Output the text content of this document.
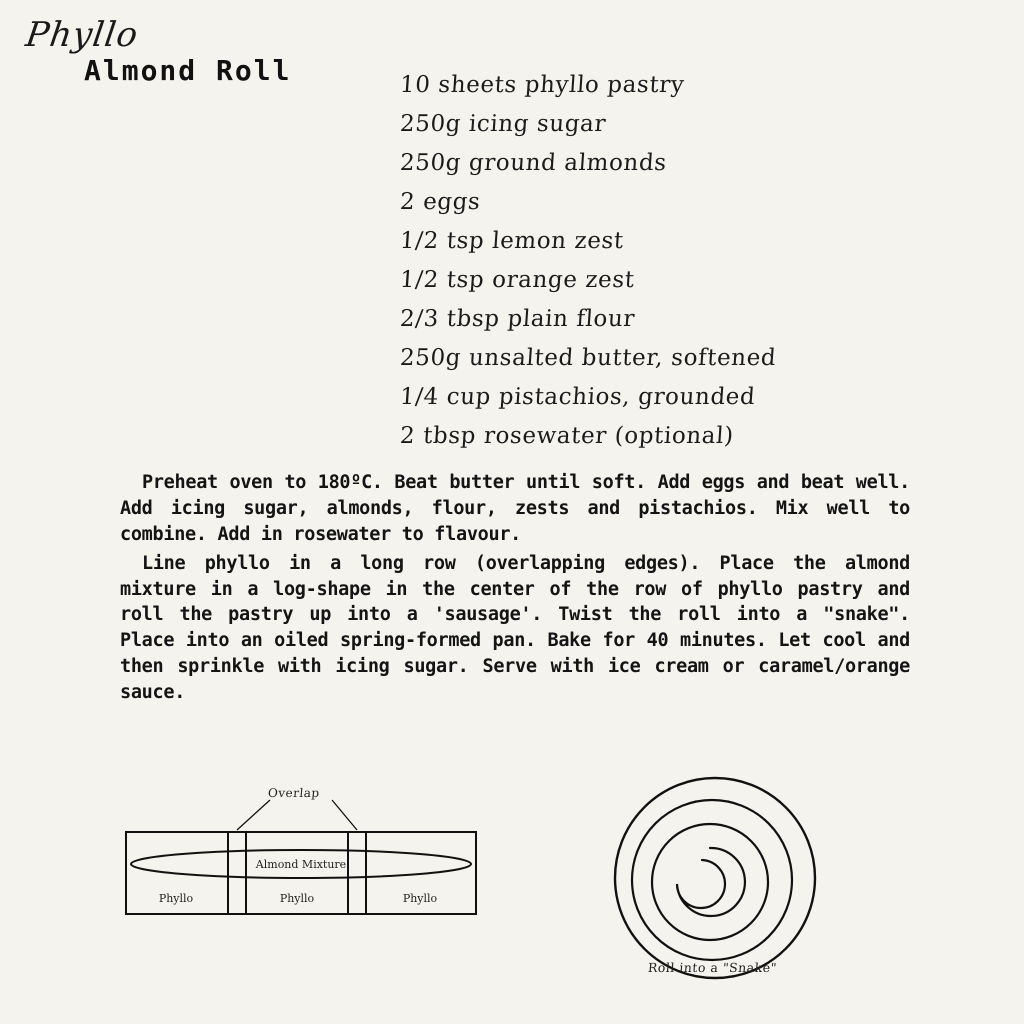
Phyllo
Almond Roll	10 sheets phyllo pastry
250g icing sugar
250g ground almonds
2 eggs
1/2 tsp lemon zest
1/2 tsp orange zest
2/3 tbsp plain flour
250g unsalted butter, softened
1/4 cup pistachios, grounded
2 tbsp rosewater (optional)

Preheat oven to 180ºC. Beat butter until soft. Add eggs and beat well. Add icing sugar, almonds, flour, zests and pistachios. Mix well to combine. Add in rosewater to flavour.

Line phyllo in a long row (overlapping edges). Place the almond mixture in a log-shape in the center of the row of phyllo pastry and roll the pastry up into a 'sausage'. Twist the roll into a "snake". Place into an oiled spring-formed pan. Bake for 40 minutes. Let cool and then sprinkle with icing sugar. Serve with ice cream or caramel/orange sauce.

Almond Mixture
Phyllo	Phyllo	Phyllo
Overlap
Roll into a "Snake"
